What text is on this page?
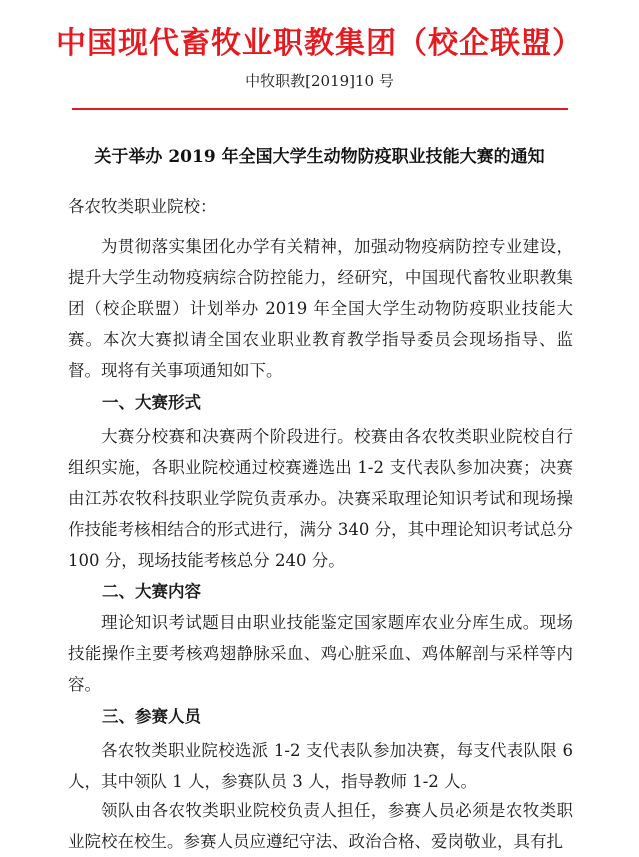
中国现代畜牧业职教集团（校企联盟）
中牧职教[2019]10 号
关于举办 2019 年全国大学生动物防疫职业技能大赛的通知
各农牧类职业院校：

为贯彻落实集团化办学有关精神，加强动物疫病防控专业建设，提升大学生动物疫病综合防控能力，经研究，中国现代畜牧业职教集团（校企联盟）计划举办 2019 年全国大学生动物防疫职业技能大赛。本次大赛拟请全国农业职业教育教学指导委员会现场指导、监督。现将有关事项通知如下。

一、大赛形式

大赛分校赛和决赛两个阶段进行。校赛由各农牧类职业院校自行组织实施，各职业院校通过校赛遴选出 1-2 支代表队参加决赛；决赛由江苏农牧科技职业学院负责承办。决赛采取理论知识考试和现场操作技能考核相结合的形式进行，满分 340 分，其中理论知识考试总分 100 分，现场技能考核总分 240 分。

二、大赛内容

理论知识考试题目由职业技能鉴定国家题库农业分库生成。现场技能操作主要考核鸡翅静脉采血、鸡心脏采血、鸡体解剖与采样等内容。

三、参赛人员

各农牧类职业院校选派 1-2 支代表队参加决赛，每支代表队限 6 人，其中领队 1 人，参赛队员 3 人，指导教师 1-2 人。

领队由各农牧类职业院校负责人担任，参赛人员必须是农牧类职业院校在校生。参赛人员应遵纪守法、政治合格、爱岗敬业，具有扎
